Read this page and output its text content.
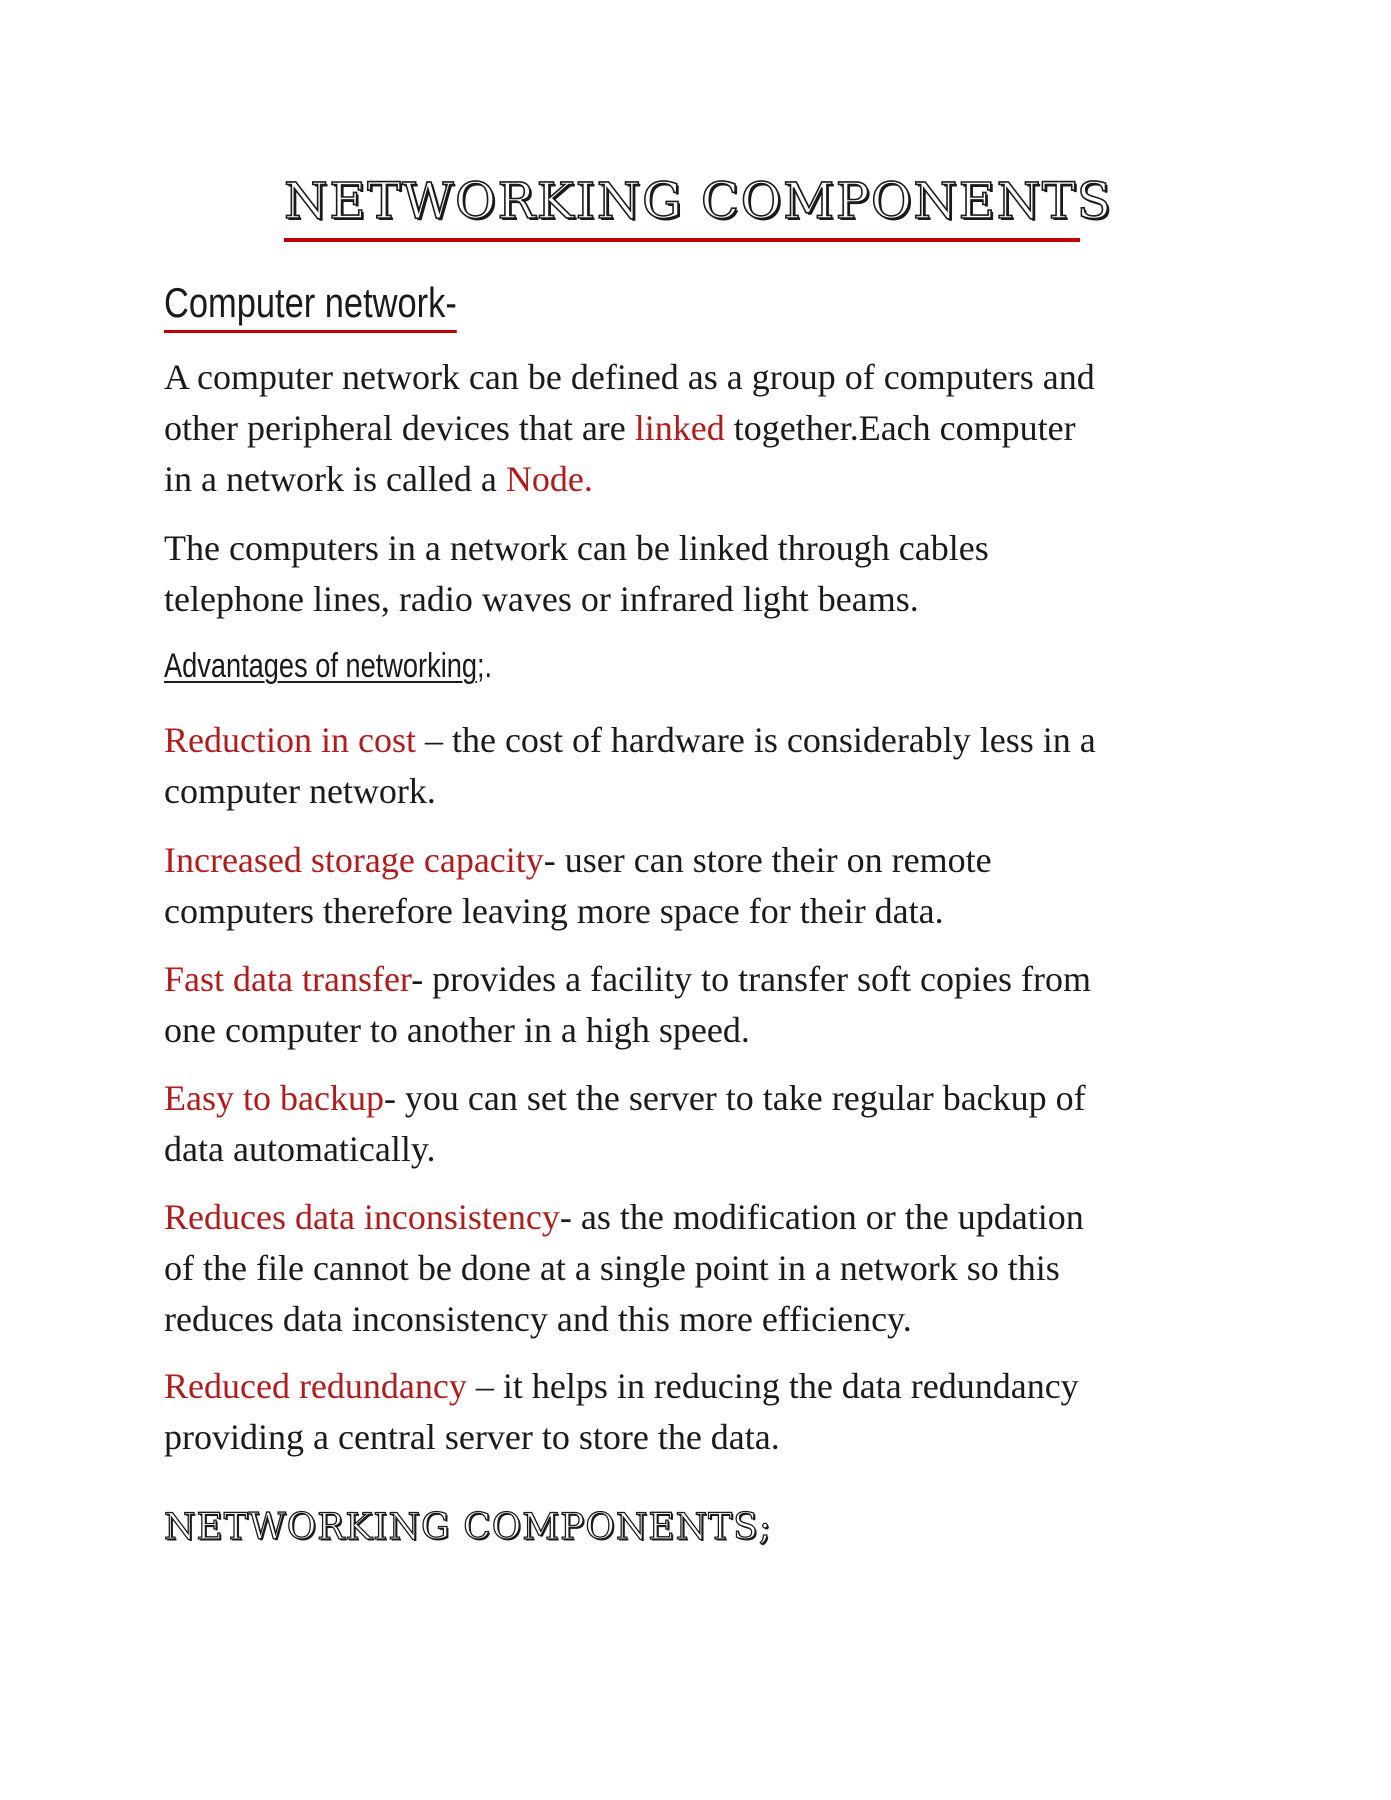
NETWORKING COMPONENTS
Computer network-

A computer network can be defined as a group of computers and
other peripheral devices that are linked together.Each computer
in a network is called a Node.

The computers in a network can be linked through cables
telephone lines, radio waves or infrared light beams.

Advantages of networking;.

Reduction in cost – the cost of hardware is considerably less in a
computer network.

Increased storage capacity- user can store their on remote
computers therefore leaving more space for their data.

Fast data transfer- provides a facility to transfer soft copies from
one computer to another in a high speed.

Easy to backup- you can set the server to take regular backup of
data automatically.

Reduces data inconsistency- as the modification or the updation
of the file cannot be done at a single point in a network so this
reduces data inconsistency and this more efficiency.

Reduced redundancy – it helps in reducing the data redundancy
providing a central server to store the data.

NETWORKING COMPONENTS;
